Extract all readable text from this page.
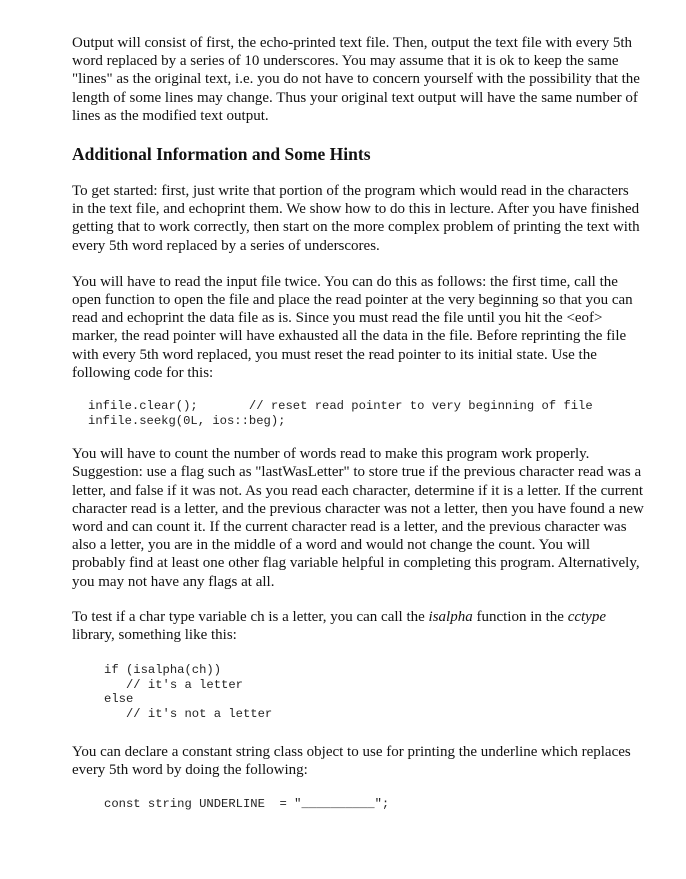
Output will consist of first, the echo-printed text file. Then, output the text file with every 5th word replaced by a series of 10 underscores. You may assume that it is ok to keep the same "lines" as the original text, i.e. you do not have to concern yourself with the possibility that the length of some lines may change. Thus your original text output will have the same number of lines as the modified text output.

Additional Information and Some Hints

To get started: first, just write that portion of the program which would read in the characters in the text file, and echoprint them. We show how to do this in lecture. After you have finished getting that to work correctly, then start on the more complex problem of printing the text with every 5th word replaced by a series of underscores.

You will have to read the input file twice. You can do this as follows: the first time, call the open function to open the file and place the read pointer at the very beginning so that you can read and echoprint the data file as is. Since you must read the file until you hit the <eof> marker, the read pointer will have exhausted all the data in the file. Before reprinting the file with every 5th word replaced, you must reset the read pointer to its initial state. Use the following code for this:

infile.clear();       // reset read pointer to very beginning of file
infile.seekg(0L, ios::beg);

You will have to count the number of words read to make this program work properly. Suggestion: use a flag such as "lastWasLetter" to store true if the previous character read was a letter, and false if it was not. As you read each character, determine if it is a letter. If the current character read is a letter, and the previous character was not a letter, then you have found a new word and can count it. If the current character read is a letter, and the previous character was also a letter, you are in the middle of a word and would not change the count. You will probably find at least one other flag variable helpful in completing this program. Alternatively, you may not have any flags at all.

To test if a char type variable ch is a letter, you can call the isalpha function in the cctype library, something like this:

if (isalpha(ch))
// it's a letter
else
// it's not a letter

You can declare a constant string class object to use for printing the underline which replaces every 5th word by doing the following:

const string UNDERLINE  = "__________";
